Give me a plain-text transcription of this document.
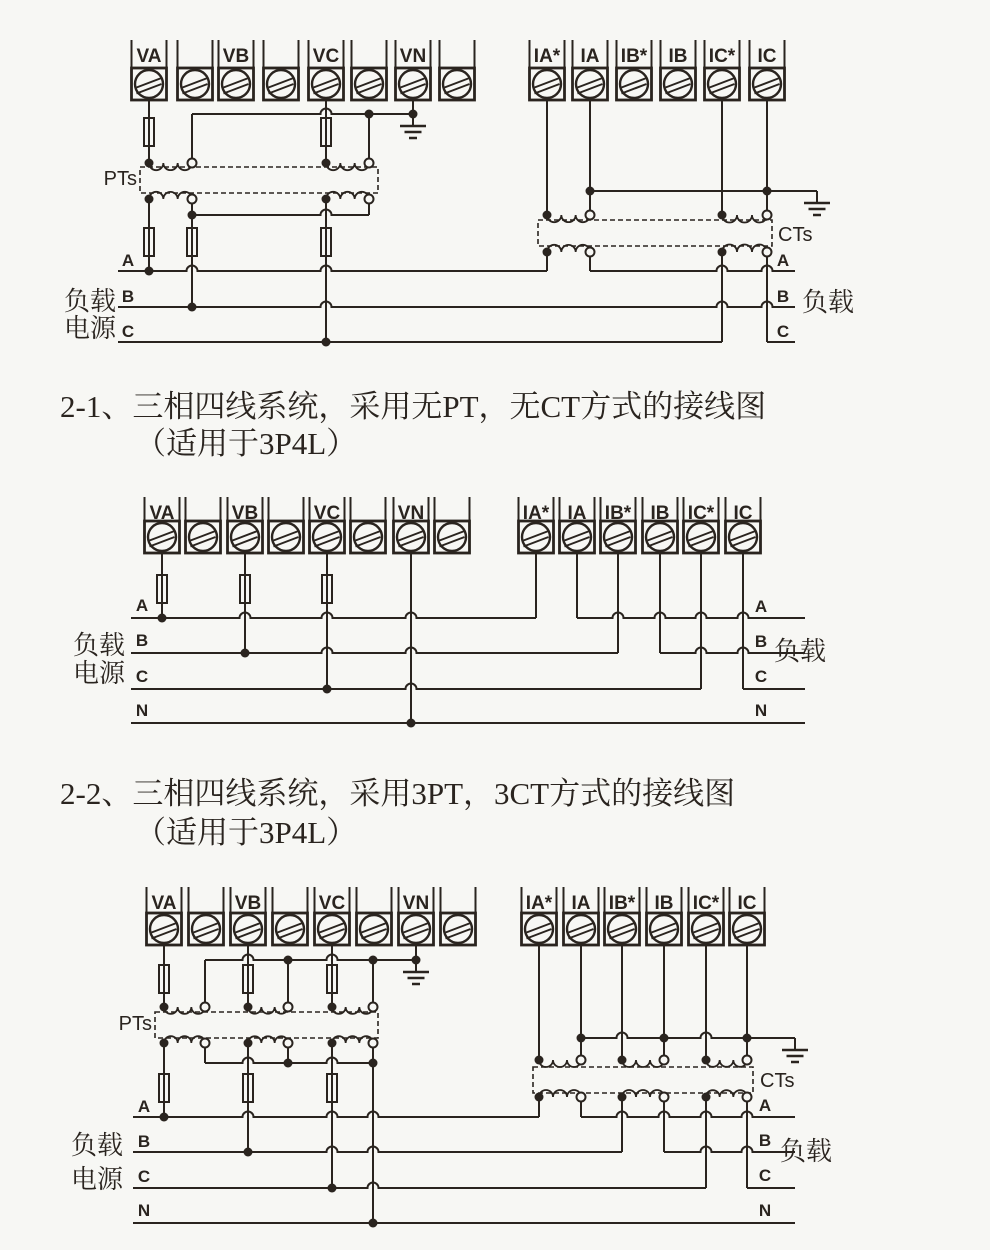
VA	VB	VC	VN	IA* IA IB* IB IC* IC
PTs
CTs
A
B
C
A
B
C
负载
电源
负载
2-1、三相四线系统，采用无PT，无CT方式的接线图
（适用于3P4L）
VA	VB	VC	VN	IA* IA IB* IB IC* IC
A
B
C
N
A
B
C
N
负载
电源
负载
2-2、三相四线系统，采用3PT，3CT方式的接线图
（适用于3P4L）
VA	VB	VC	VN	IA* IA IB* IB IC* IC
PTs
CTs
A
B
C
N
A
B
C
N
负载
电源
负载
